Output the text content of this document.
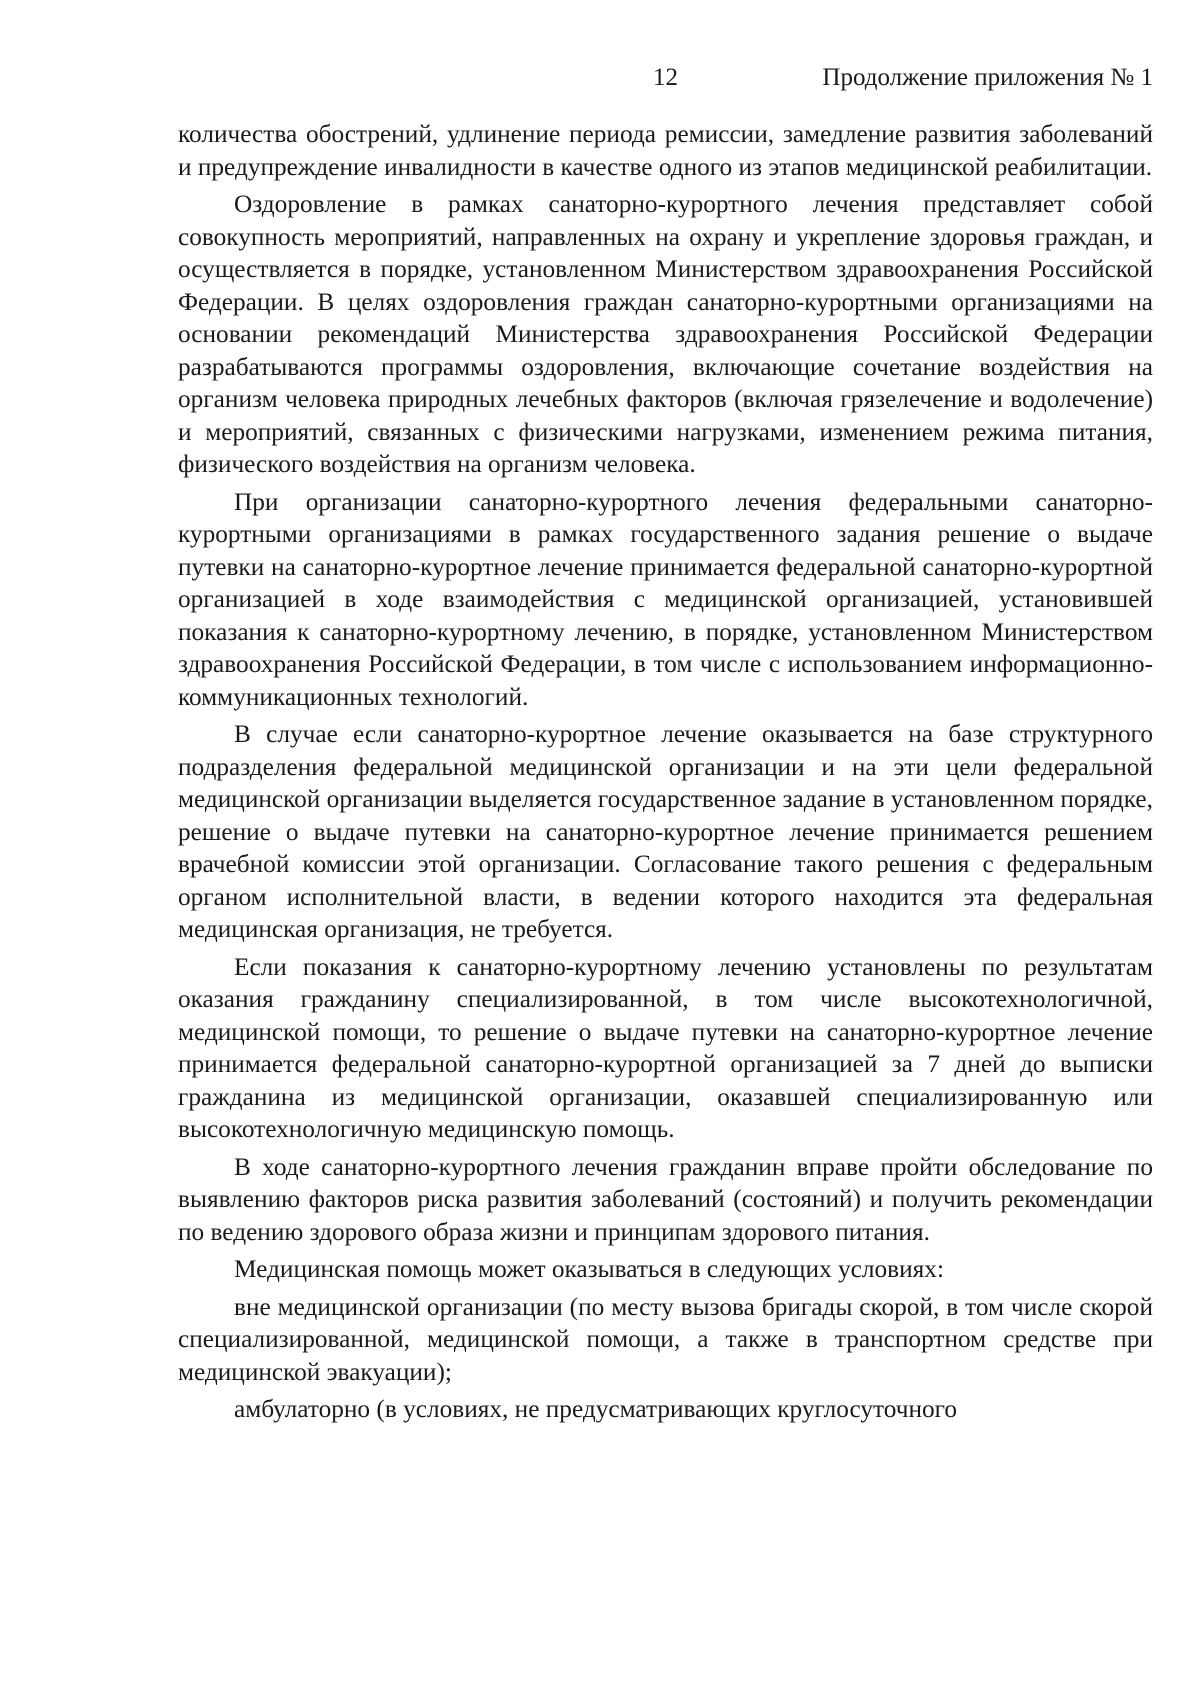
12	Продолжение приложения № 1

количества обострений, удлинение периода ремиссии, замедление развития заболеваний и предупреждение инвалидности в качестве одного из этапов медицинской реабилитации.

Оздоровление в рамках санаторно-курортного лечения представляет собой совокупность мероприятий, направленных на охрану и укрепление здоровья граждан, и осуществляется в порядке, установленном Министерством здравоохранения Российской Федерации. В целях оздоровления граждан санаторно-курортными организациями на основании рекомендаций Министерства здравоохранения Российской Федерации разрабатываются программы оздоровления, включающие сочетание воздействия на организм человека природных лечебных факторов (включая грязелечение и водолечение) и мероприятий, связанных с физическими нагрузками, изменением режима питания, физического воздействия на организм человека.

При организации санаторно-курортного лечения федеральными санаторно-курортными организациями в рамках государственного задания решение о выдаче путевки на санаторно-курортное лечение принимается федеральной санаторно-курортной организацией в ходе взаимодействия с медицинской организацией, установившей показания к санаторно-курортному лечению, в порядке, установленном Министерством здравоохранения Российской Федерации, в том числе с использованием информационно-коммуникационных технологий.

В случае если санаторно-курортное лечение оказывается на базе структурного подразделения федеральной медицинской организации и на эти цели федеральной медицинской организации выделяется государственное задание в установленном порядке, решение о выдаче путевки на санаторно-курортное лечение принимается решением врачебной комиссии этой организации. Согласование такого решения с федеральным органом исполнительной власти, в ведении которого находится эта федеральная медицинская организация, не требуется.

Если показания к санаторно-курортному лечению установлены по результатам оказания гражданину специализированной, в том числе высокотехнологичной, медицинской помощи, то решение о выдаче путевки на санаторно-курортное лечение принимается федеральной санаторно-курортной организацией за 7 дней до выписки гражданина из медицинской организации, оказавшей специализированную или высокотехнологичную медицинскую помощь.

В ходе санаторно-курортного лечения гражданин вправе пройти обследование по выявлению факторов риска развития заболеваний (состояний) и получить рекомендации по ведению здорового образа жизни и принципам здорового питания.

Медицинская помощь может оказываться в следующих условиях:

вне медицинской организации (по месту вызова бригады скорой, в том числе скорой специализированной, медицинской помощи, а также в транспортном средстве при медицинской эвакуации);

амбулаторно (в условиях, не предусматривающих круглосуточного
